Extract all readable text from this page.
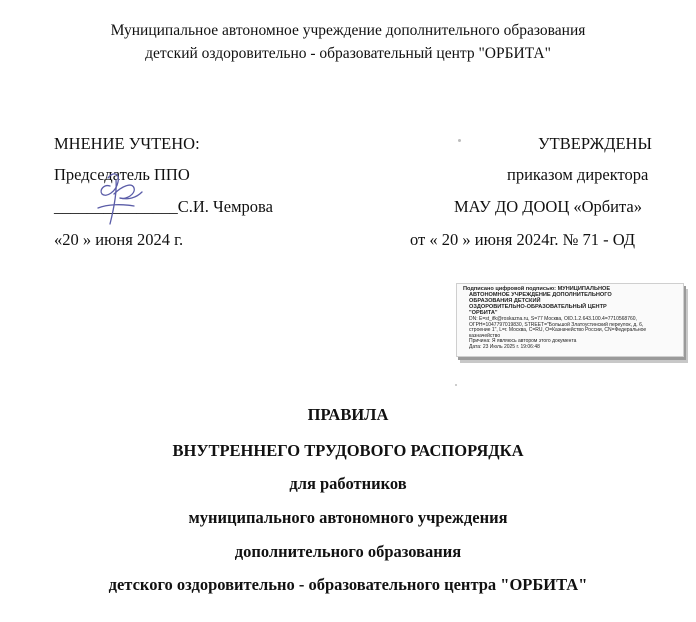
Муниципальное автономное учреждение дополнительного образования
детский оздоровительно - образовательный центр "ОРБИТА"
МНЕНИЕ УЧТЕНО:
Председатель ППО
_______________С.И. Чемрова
«20 » июня 2024 г.
УТВЕРЖДЕНЫ
приказом директора
МАУ ДО ДООЦ «Орбита»
от « 20 » июня 2024г. № 71 - ОД
Подписано цифровой подписью: МУНИЦИПАЛЬНОЕ
АВТОНОМНОЕ УЧРЕЖДЕНИЕ ДОПОЛНИТЕЛЬНОГО
ОБРАЗОВАНИЯ ДЕТСКИЙ
ОЗДОРОВИТЕЛЬНО-ОБРАЗОВАТЕЛЬНЫЙ ЦЕНТР
"ОРБИТА"
DN: E=st_ifk@roskazna.ru, S=77 Москва, OID.1.2.643.100.4=7710568760,
ОГРН=1047797019830, STREET="Большой Златоустинский переулок, д. 6,
строение 1", L=г. Москва, C=RU, O=Казначейство России, CN=Федеральное
казначейство
Причина: Я являюсь автором этого документа
Дата: 23 Июль 2025 г. 19:06:48
ПРАВИЛА
ВНУТРЕННЕГО ТРУДОВОГО РАСПОРЯДКА
для работников
муниципального автономного учреждения
дополнительного образования
детского оздоровительно - образовательного центра "ОРБИТА"
